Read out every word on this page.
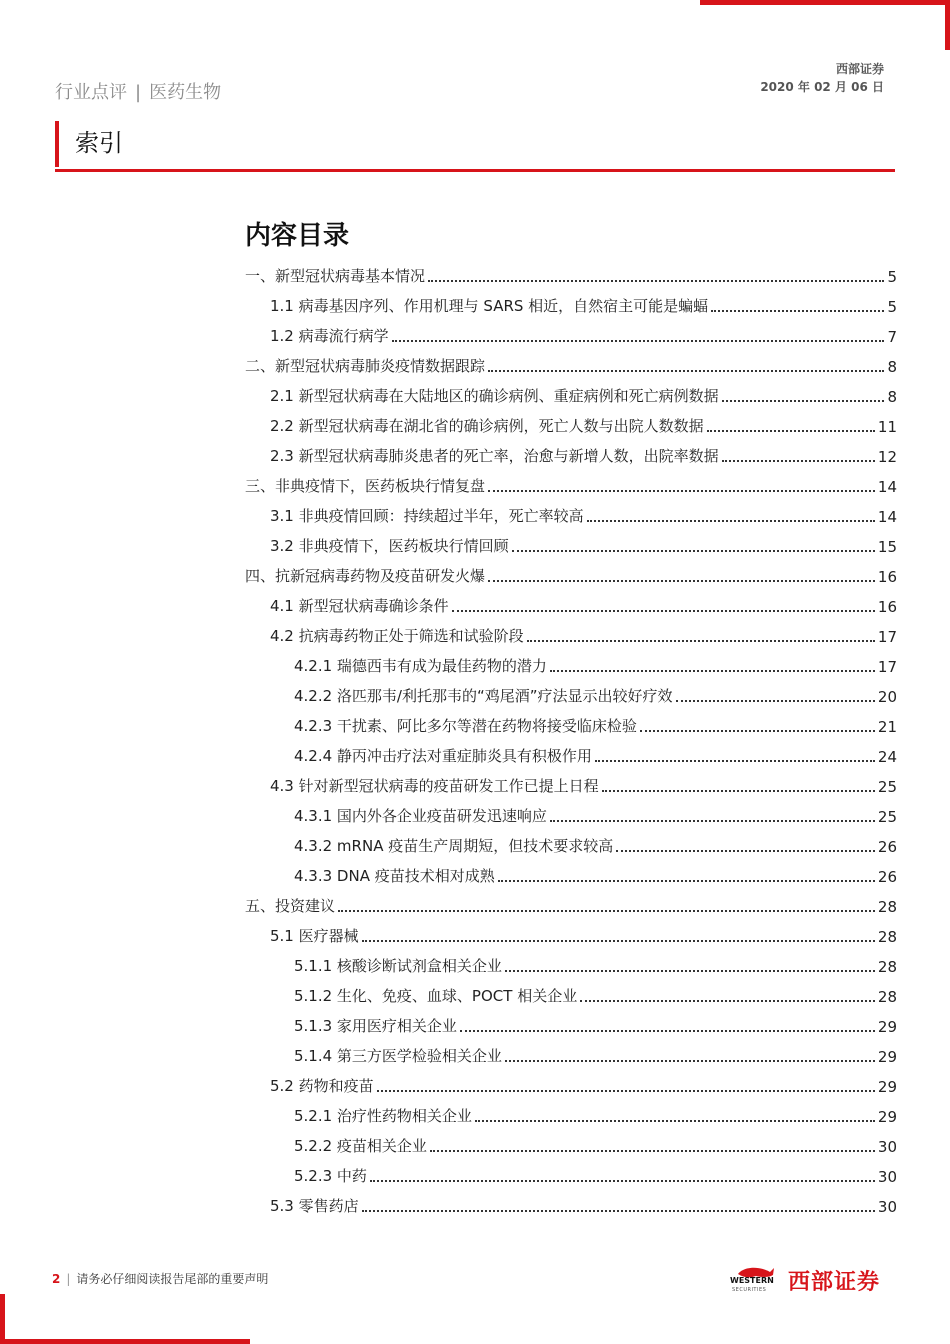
行业点评 | 医药生物
西部证券
2020 年 02 月 06 日
索引
内容目录
一、新型冠状病毒基本情况	5
1.1 病毒基因序列、作用机理与 SARS 相近，自然宿主可能是蝙蝠	5
1.2 病毒流行病学	7
二、新型冠状病毒肺炎疫情数据跟踪	8
2.1 新型冠状病毒在大陆地区的确诊病例、重症病例和死亡病例数据	8
2.2 新型冠状病毒在湖北省的确诊病例，死亡人数与出院人数数据	11
2.3 新型冠状病毒肺炎患者的死亡率，治愈与新增人数，出院率数据	12
三、非典疫情下，医药板块行情复盘	14
3.1 非典疫情回顾：持续超过半年，死亡率较高	14
3.2 非典疫情下，医药板块行情回顾	15
四、抗新冠病毒药物及疫苗研发火爆	16
4.1 新型冠状病毒确诊条件	16
4.2 抗病毒药物正处于筛选和试验阶段	17
4.2.1 瑞德西韦有成为最佳药物的潜力	17
4.2.2 洛匹那韦/利托那韦的“鸡尾酒”疗法显示出较好疗效	20
4.2.3 干扰素、阿比多尔等潜在药物将接受临床检验	21
4.2.4 静丙冲击疗法对重症肺炎具有积极作用	24
4.3 针对新型冠状病毒的疫苗研发工作已提上日程	25
4.3.1 国内外各企业疫苗研发迅速响应	25
4.3.2 mRNA 疫苗生产周期短，但技术要求较高	26
4.3.3 DNA 疫苗技术相对成熟	26
五、投资建议	28
5.1 医疗器械	28
5.1.1 核酸诊断试剂盒相关企业	28
5.1.2 生化、免疫、血球、POCT 相关企业	28
5.1.3 家用医疗相关企业	29
5.1.4 第三方医学检验相关企业	29
5.2 药物和疫苗	29
5.2.1 治疗性药物相关企业	29
5.2.2 疫苗相关企业	30
5.2.3 中药	30
5.3 零售药店	30
2 | 请务必仔细阅读报告尾部的重要声明	WESTERN
SECURITIES 西部证券
